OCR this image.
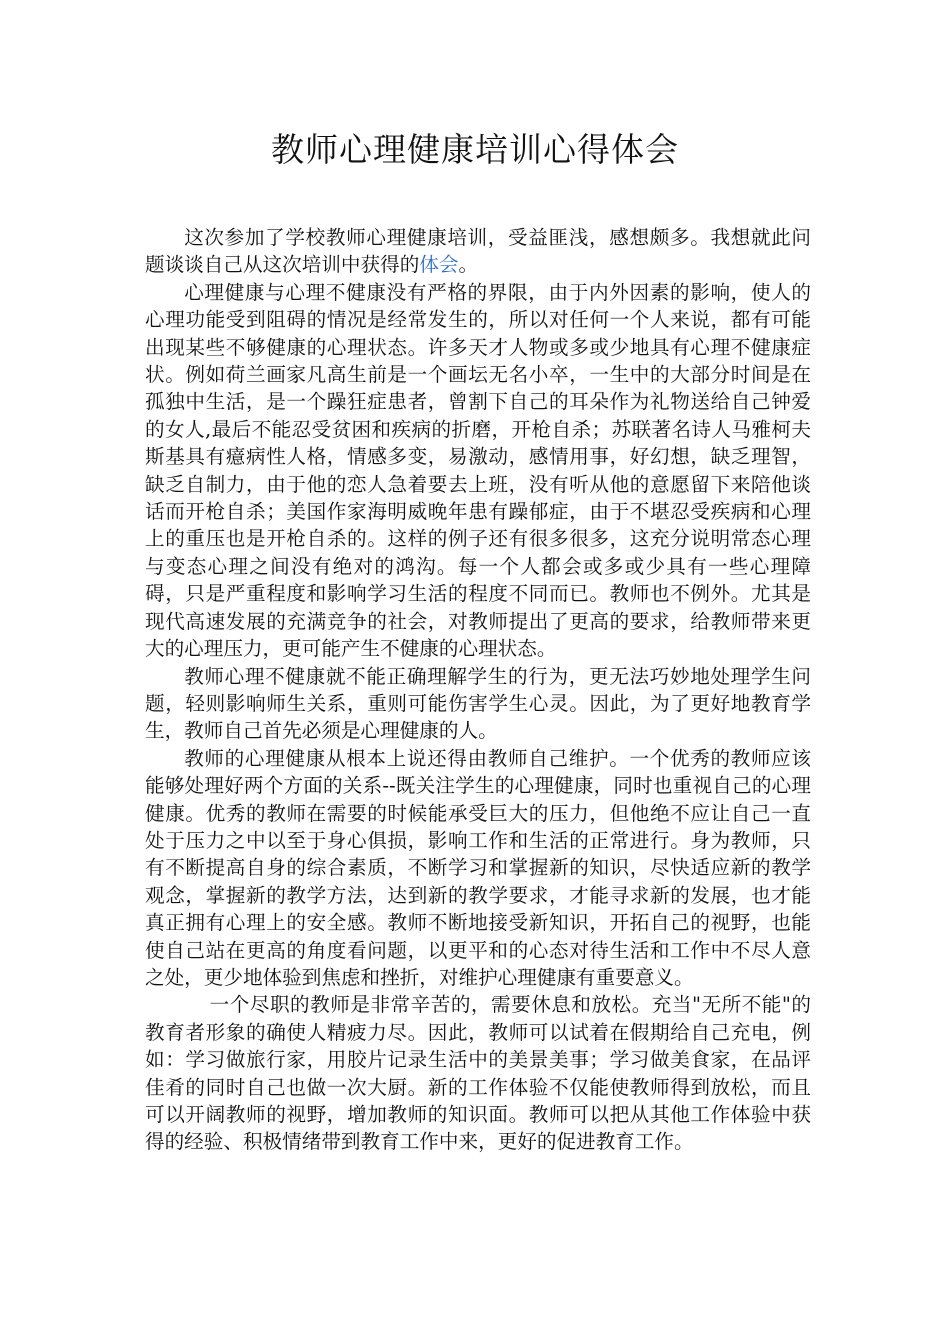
教师心理健康培训心得体会

这次参加了学校教师心理健康培训，受益匪浅，感想颇多。我想就此问题谈谈自己从这次培训中获得的体会。

心理健康与心理不健康没有严格的界限，由于内外因素的影响，使人的心理功能受到阻碍的情况是经常发生的，所以对任何一个人来说，都有可能出现某些不够健康的心理状态。许多天才人物或多或少地具有心理不健康症状。例如荷兰画家凡高生前是一个画坛无名小卒，一生中的大部分时间是在孤独中生活，是一个躁狂症患者，曾割下自己的耳朵作为礼物送给自己钟爱的女人,最后不能忍受贫困和疾病的折磨，开枪自杀；苏联著名诗人马雅柯夫斯基具有癔病性人格，情感多变，易激动，感情用事，好幻想，缺乏理智，缺乏自制力，由于他的恋人急着要去上班，没有听从他的意愿留下来陪他谈话而开枪自杀；美国作家海明威晚年患有躁郁症，由于不堪忍受疾病和心理上的重压也是开枪自杀的。这样的例子还有很多很多，这充分说明常态心理与变态心理之间没有绝对的鸿沟。每一个人都会或多或少具有一些心理障碍，只是严重程度和影响学习生活的程度不同而已。教师也不例外。尤其是现代高速发展的充满竞争的社会，对教师提出了更高的要求，给教师带来更大的心理压力，更可能产生不健康的心理状态。

教师心理不健康就不能正确理解学生的行为，更无法巧妙地处理学生问题，轻则影响师生关系，重则可能伤害学生心灵。因此，为了更好地教育学生，教师自己首先必须是心理健康的人。

教师的心理健康从根本上说还得由教师自己维护。一个优秀的教师应该能够处理好两个方面的关系--既关注学生的心理健康，同时也重视自己的心理健康。优秀的教师在需要的时候能承受巨大的压力，但他绝不应让自己一直处于压力之中以至于身心俱损，影响工作和生活的正常进行。身为教师，只有不断提高自身的综合素质，不断学习和掌握新的知识，尽快适应新的教学观念，掌握新的教学方法，达到新的教学要求，才能寻求新的发展，也才能真正拥有心理上的安全感。教师不断地接受新知识，开拓自己的视野，也能使自己站在更高的角度看问题，以更平和的心态对待生活和工作中不尽人意之处，更少地体验到焦虑和挫折，对维护心理健康有重要意义。

一个尽职的教师是非常辛苦的，需要休息和放松。充当"无所不能"的教育者形象的确使人精疲力尽。因此，教师可以试着在假期给自己充电，例如：学习做旅行家，用胶片记录生活中的美景美事；学习做美食家，在品评佳肴的同时自己也做一次大厨。新的工作体验不仅能使教师得到放松，而且可以开阔教师的视野，增加教师的知识面。教师可以把从其他工作体验中获得的经验、积极情绪带到教育工作中来，更好的促进教育工作。
